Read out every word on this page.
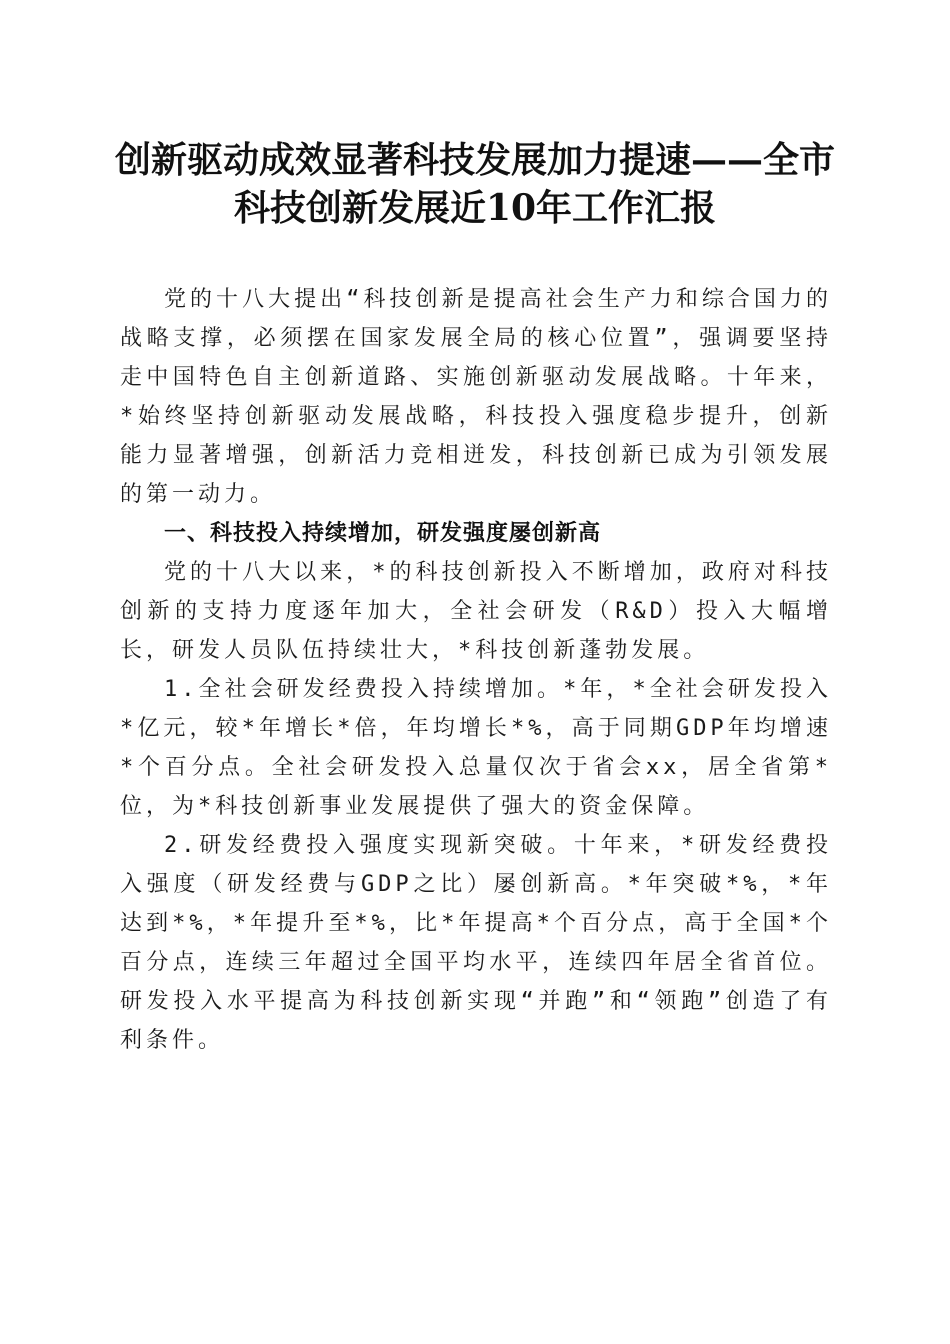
创新驱动成效显著科技发展加力提速——全市
科技创新发展近10年工作汇报

党的十八大提出“科技创新是提高社会生产力和综合国力的战略支撑，必须摆在国家发展全局的核心位置”，强调要坚持走中国特色自主创新道路、实施创新驱动发展战略。十年来，*始终坚持创新驱动发展战略，科技投入强度稳步提升，创新能力显著增强，创新活力竞相迸发，科技创新已成为引领发展的第一动力。

一、科技投入持续增加，研发强度屡创新高

党的十八大以来，*的科技创新投入不断增加，政府对科技创新的支持力度逐年加大，全社会研发（R&D）投入大幅增长，研发人员队伍持续壮大，*科技创新蓬勃发展。

1.全社会研发经费投入持续增加。*年，*全社会研发投入*亿元，较*年增长*倍，年均增长*%，高于同期GDP年均增速*个百分点。全社会研发投入总量仅次于省会xx，居全省第*位，为*科技创新事业发展提供了强大的资金保障。

2.研发经费投入强度实现新突破。十年来，*研发经费投入强度（研发经费与GDP之比）屡创新高。*年突破*%，*年达到*%，*年提升至*%，比*年提高*个百分点，高于全国*个百分点，连续三年超过全国平均水平，连续四年居全省首位。研发投入水平提高为科技创新实现“并跑”和“领跑”创造了有利条件。
